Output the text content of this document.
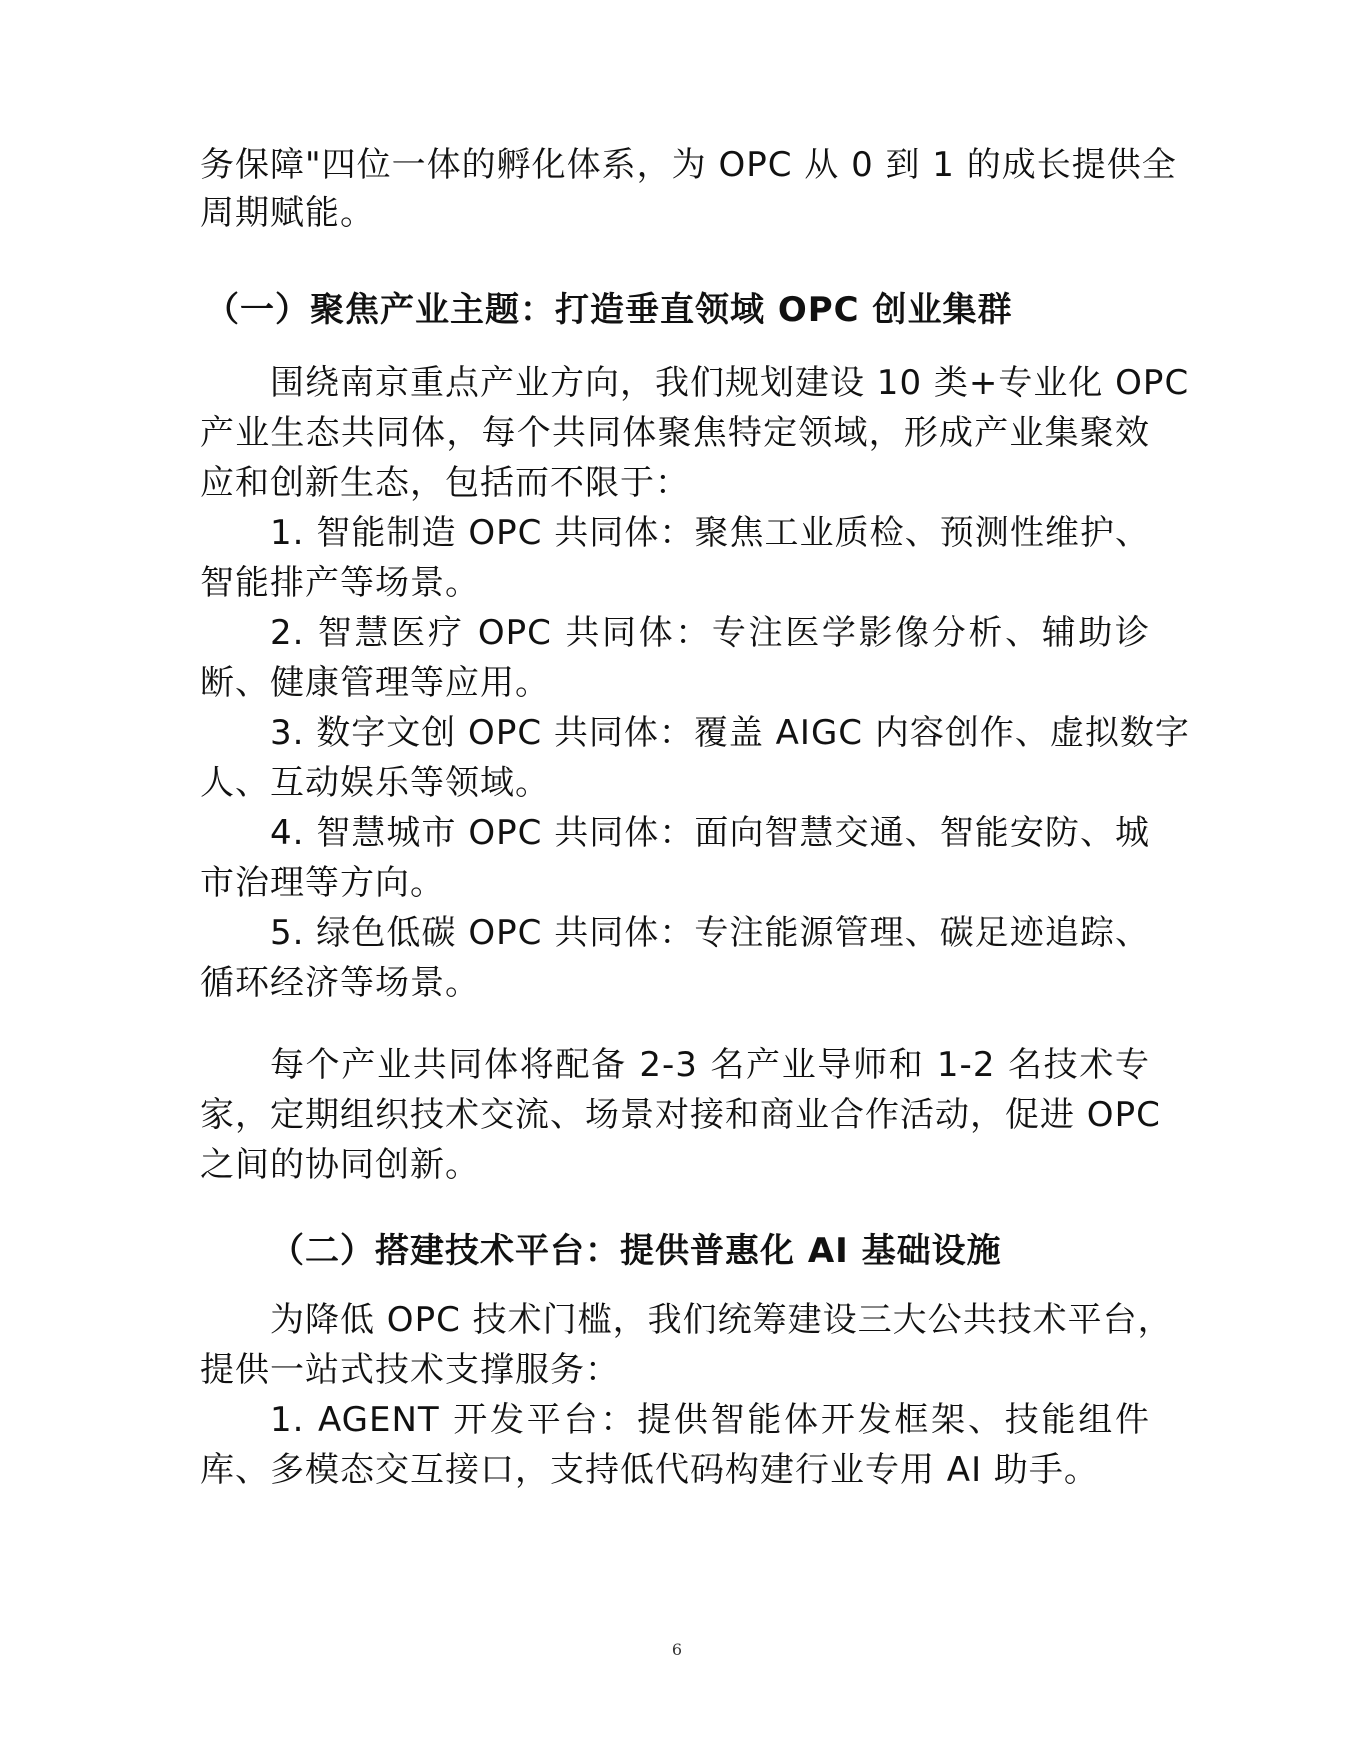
务保障"四位一体的孵化体系，为 OPC 从 0 到 1 的成长提供全
周期赋能。
（一）聚焦产业主题：打造垂直领域 OPC 创业集群
围绕南京重点产业方向，我们规划建设 10 类+专业化 OPC
产业生态共同体，每个共同体聚焦特定领域，形成产业集聚效
应和创新生态，包括而不限于：
1. 智能制造 OPC 共同体：聚焦工业质检、预测性维护、
智能排产等场景。
2. 智慧医疗 OPC 共同体：专注医学影像分析、辅助诊
断、健康管理等应用。
3. 数字文创 OPC 共同体：覆盖 AIGC 内容创作、虚拟数字
人、互动娱乐等领域。
4. 智慧城市 OPC 共同体：面向智慧交通、智能安防、城
市治理等方向。
5. 绿色低碳 OPC 共同体：专注能源管理、碳足迹追踪、
循环经济等场景。
每个产业共同体将配备 2-3 名产业导师和 1-2 名技术专
家，定期组织技术交流、场景对接和商业合作活动，促进 OPC
之间的协同创新。
（二）搭建技术平台：提供普惠化 AI 基础设施
为降低 OPC 技术门槛，我们统筹建设三大公共技术平台，
提供一站式技术支撑服务：
1. AGENT 开发平台：提供智能体开发框架、技能组件
库、多模态交互接口，支持低代码构建行业专用 AI 助手。
6
